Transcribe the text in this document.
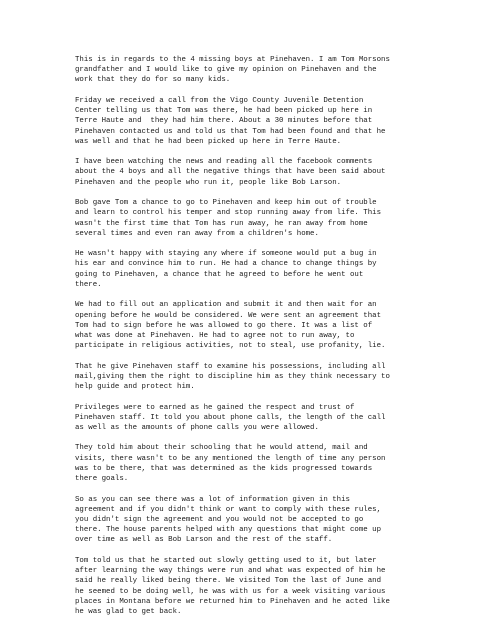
This is in regards to the 4 missing boys at Pinehaven. I am Tom Morsons
grandfather and I would like to give my opinion on Pinehaven and the
work that they do for so many kids.
Friday we received a call from the Vigo County Juvenile Detention
Center telling us that Tom was there, he had been picked up here in
Terre Haute and  they had him there. About a 30 minutes before that
Pinehaven contacted us and told us that Tom had been found and that he
was well and that he had been picked up here in Terre Haute.
I have been watching the news and reading all the facebook comments
about the 4 boys and all the negative things that have been said about
Pinehaven and the people who run it, people like Bob Larson.
Bob gave Tom a chance to go to Pinehaven and keep him out of trouble
and learn to control his temper and stop running away from life. This
wasn't the first time that Tom has run away, he ran away from home
several times and even ran away from a children's home.
He wasn't happy with staying any where if someone would put a bug in
his ear and convince him to run. He had a chance to change things by
going to Pinehaven, a chance that he agreed to before he went out
there.
We had to fill out an application and submit it and then wait for an
opening before he would be considered. We were sent an agreement that
Tom had to sign before he was allowed to go there. It was a list of
what was done at Pinehaven. He had to agree not to run away, to
participate in religious activities, not to steal, use profanity, lie.
That he give Pinehaven staff to examine his possessions, including all
mail,giving them the right to discipline him as they think necessary to
help guide and protect him.
Privileges were to earned as he gained the respect and trust of
Pinehaven staff. It told you about phone calls, the length of the call
as well as the amounts of phone calls you were allowed.
They told him about their schooling that he would attend, mail and
visits, there wasn't to be any mentioned the length of time any person
was to be there, that was determined as the kids progressed towards
there goals.
So as you can see there was a lot of information given in this
agreement and if you didn't think or want to comply with these rules,
you didn't sign the agreement and you would not be accepted to go
there. The house parents helped with any questions that might come up
over time as well as Bob Larson and the rest of the staff.
Tom told us that he started out slowly getting used to it, but later
after learning the way things were run and what was expected of him he
said he really liked being there. We visited Tom the last of June and
he seemed to be doing well, he was with us for a week visiting various
places in Montana before we returned him to Pinehaven and he acted like
he was glad to get back.
